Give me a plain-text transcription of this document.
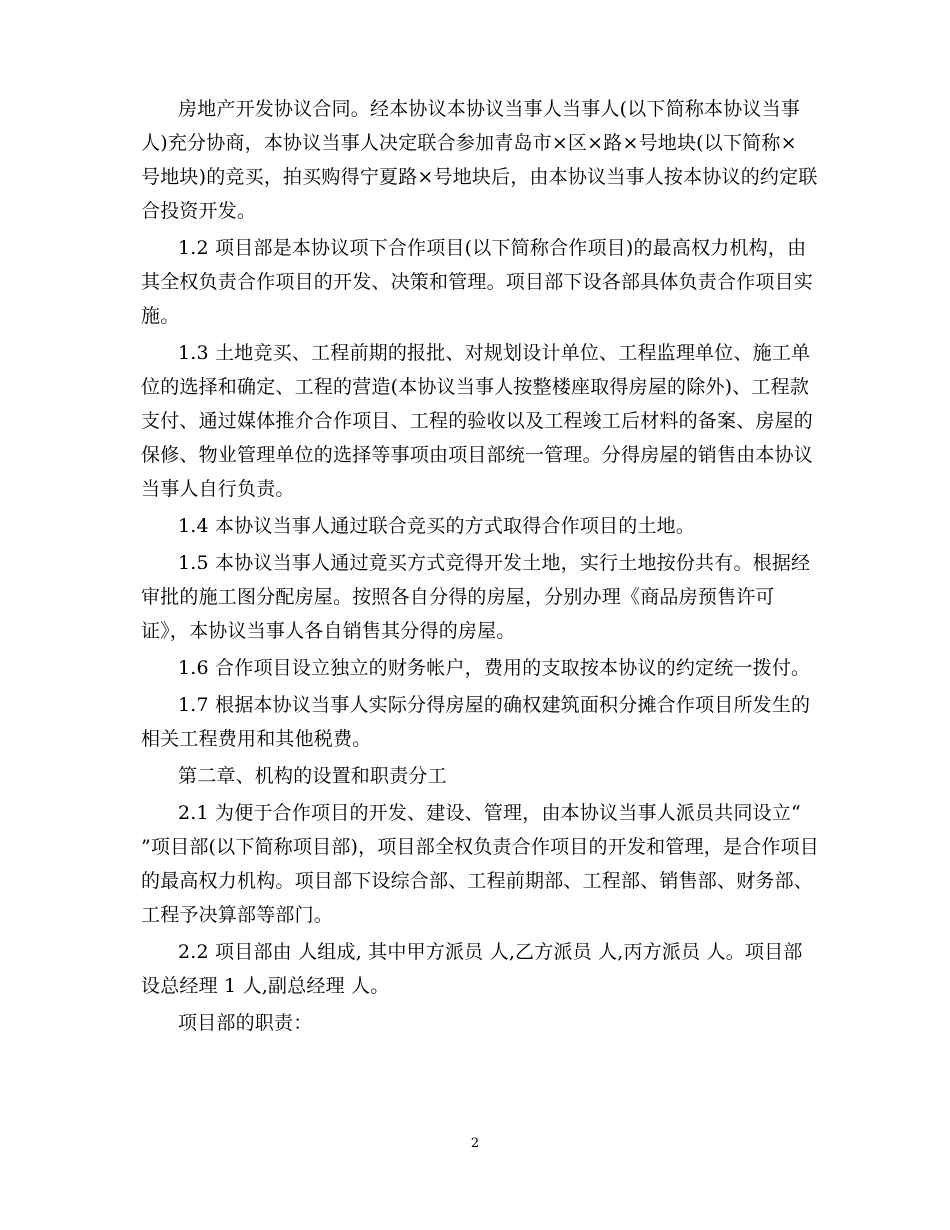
房地产开发协议合同。经本协议本协议当事人当事人(以下简称本协议当事
人)充分协商，本协议当事人决定联合参加青岛市×区×路×号地块(以下简称×
号地块)的竞买，拍买购得宁夏路×号地块后，由本协议当事人按本协议的约定联
合投资开发。
1.2 项目部是本协议项下合作项目(以下简称合作项目)的最高权力机构，由
其全权负责合作项目的开发、决策和管理。项目部下设各部具体负责合作项目实
施。
1.3 土地竞买、工程前期的报批、对规划设计单位、工程监理单位、施工单
位的选择和确定、工程的营造(本协议当事人按整楼座取得房屋的除外)、工程款
支付、通过媒体推介合作项目、工程的验收以及工程竣工后材料的备案、房屋的
保修、物业管理单位的选择等事项由项目部统一管理。分得房屋的销售由本协议
当事人自行负责。
1.4 本协议当事人通过联合竞买的方式取得合作项目的土地。
1.5 本协议当事人通过竟买方式竞得开发土地，实行土地按份共有。根据经
审批的施工图分配房屋。按照各自分得的房屋，分别办理《商品房预售许可
证》，本协议当事人各自销售其分得的房屋。
1.6 合作项目设立独立的财务帐户，费用的支取按本协议的约定统一拨付。
1.7 根据本协议当事人实际分得房屋的确权建筑面积分摊合作项目所发生的
相关工程费用和其他税费。
第二章、机构的设置和职责分工
2.1 为便于合作项目的开发、建设、管理，由本协议当事人派员共同设立“
”项目部(以下简称项目部)，项目部全权负责合作项目的开发和管理，是合作项目
的最高权力机构。项目部下设综合部、工程前期部、工程部、销售部、财务部、
工程予决算部等部门。
2.2 项目部由 人组成, 其中甲方派员 人,乙方派员 人,丙方派员 人。项目部
设总经理 1 人,副总经理 人。
项目部的职责：
2
